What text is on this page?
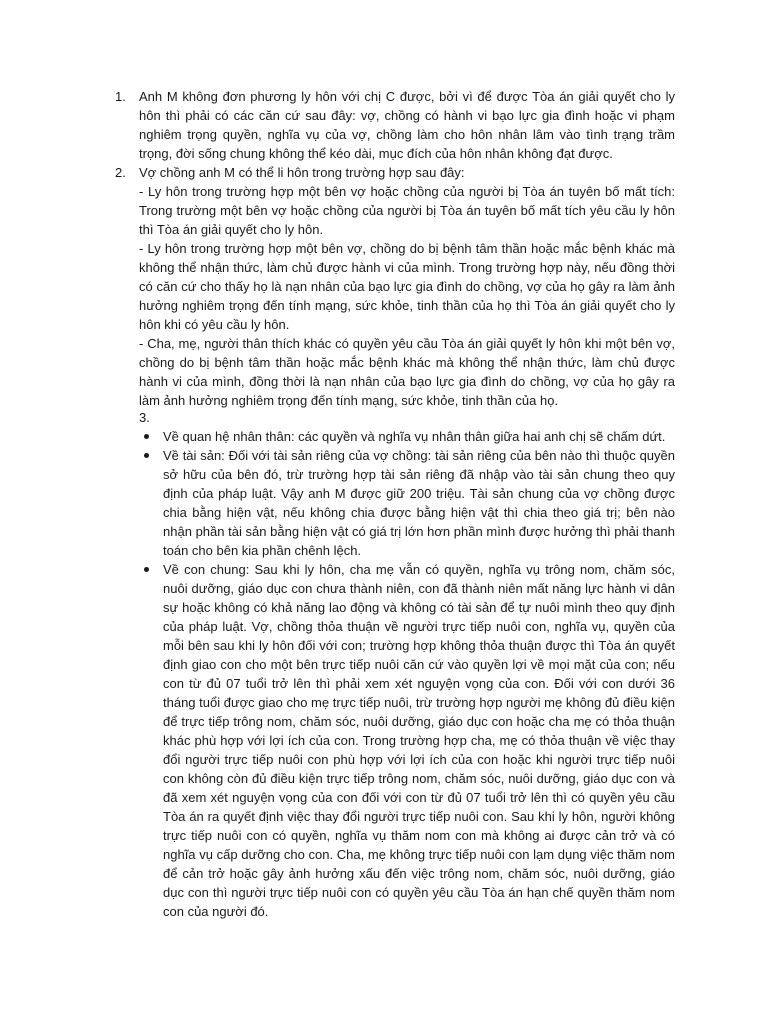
1.	Anh M không đơn phương ly hôn với chị C được, bởi vì để được Tòa án giải quyết cho ly hôn thì phải có các căn cứ sau đây: vợ, chồng có hành vi bạo lực gia đình hoặc vi phạm nghiêm trọng quyền, nghĩa vụ của vợ, chồng làm cho hôn nhân lâm vào tình trạng trầm trọng, đời sống chung không thể kéo dài, mục đích của hôn nhân không đạt được.

2.	Vợ chồng anh M có thể li hôn trong trường hợp sau đây:

- Ly hôn trong trường hợp một bên vợ hoặc chồng của người bị Tòa án tuyên bố mất tích: Trong trường một bên vợ hoặc chồng của người bị Tòa án tuyên bố mất tích yêu cầu ly hôn thì Tòa án giải quyết cho ly hôn.

- Ly hôn trong trường hợp một bên vợ, chồng do bị bệnh tâm thần hoặc mắc bệnh khác mà không thể nhận thức, làm chủ được hành vi của mình. Trong trường hợp này, nếu đồng thời có căn cứ cho thấy họ là nạn nhân của bạo lực gia đình do chồng, vợ của họ gây ra làm ảnh hưởng nghiêm trọng đến tính mạng, sức khỏe, tinh thần của họ thì Tòa án giải quyết cho ly hôn khi có yêu cầu ly hôn.

- Cha, mẹ, người thân thích khác có quyền yêu cầu Tòa án giải quyết ly hôn khi một bên vợ, chồng do bị bệnh tâm thần hoặc mắc bệnh khác mà không thể nhận thức, làm chủ được hành vi của mình, đồng thời là nạn nhân của bạo lực gia đình do chồng, vợ của họ gây ra làm ảnh hưởng nghiêm trọng đến tính mạng, sức khỏe, tinh thần của họ.

3.

Về quan hệ nhân thân: các quyền và nghĩa vụ nhân thân giữa hai anh chị sẽ chấm dứt.

Về tài sản: Đối với tài sản riêng của vợ chồng: tài sản riêng của bên nào thì thuộc quyền sở hữu của bên đó, trừ trường hợp tài sản riêng đã nhập vào tài sản chung theo quy định của pháp luật. Vậy anh M được giữ 200 triệu. Tài sản chung của vợ chồng được chia bằng hiện vật, nếu không chia được bằng hiện vật thì chia theo giá trị; bên nào nhận phần tài sản bằng hiện vật có giá trị lớn hơn phần mình được hưởng thì phải thanh toán cho bên kia phần chênh lệch.

Về con chung: Sau khi ly hôn, cha mẹ vẫn có quyền, nghĩa vụ trông nom, chăm sóc, nuôi dưỡng, giáo dục con chưa thành niên, con đã thành niên mất năng lực hành vi dân sự hoặc không có khả năng lao động và không có tài sản để tự nuôi mình theo quy định của pháp luật. Vợ, chồng thỏa thuận về người trực tiếp nuôi con, nghĩa vụ, quyền của mỗi bên sau khi ly hôn đối với con; trường hợp không thỏa thuận được thì Tòa án quyết định giao con cho một bên trực tiếp nuôi căn cứ vào quyền lợi về mọi mặt của con; nếu con từ đủ 07 tuổi trở lên thì phải xem xét nguyện vọng của con. Đối với con dưới 36 tháng tuổi được giao cho mẹ trực tiếp nuôi, trừ trường hợp người mẹ không đủ điều kiện để trực tiếp trông nom, chăm sóc, nuôi dưỡng, giáo dục con hoặc cha mẹ có thỏa thuận khác phù hợp với lợi ích của con. Trong trường hợp cha, mẹ có thỏa thuận về việc thay đổi người trực tiếp nuôi con phù hợp với lợi ích của con hoặc khi người trực tiếp nuôi con không còn đủ điều kiện trực tiếp trông nom, chăm sóc, nuôi dưỡng, giáo dục con và đã xem xét nguyện vọng của con đối với con từ đủ 07 tuổi trở lên thì có quyền yêu cầu Tòa án ra quyết định việc thay đổi người trực tiếp nuôi con. Sau khi ly hôn, người không trực tiếp nuôi con có quyền, nghĩa vụ thăm nom con mà không ai được cản trở và có nghĩa vụ cấp dưỡng cho con. Cha, mẹ không trực tiếp nuôi con lạm dụng việc thăm nom để cản trở hoặc gây ảnh hưởng xấu đến việc trông nom, chăm sóc, nuôi dưỡng, giáo dục con thì người trực tiếp nuôi con có quyền yêu cầu Tòa án hạn chế quyền thăm nom con của người đó.
